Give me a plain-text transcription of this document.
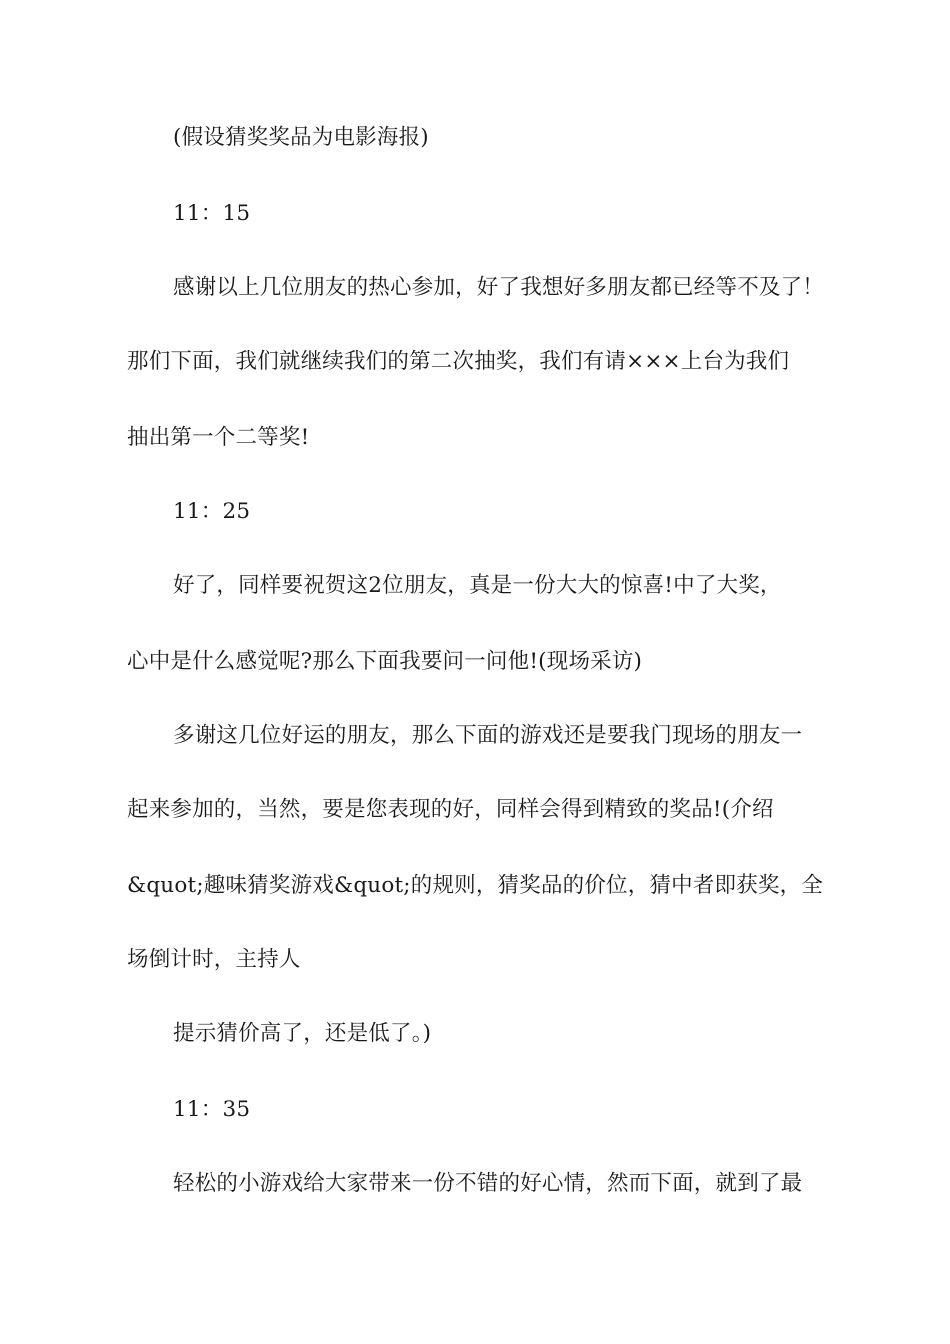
(假设猜奖奖品为电影海报)
11：15
感谢以上几位朋友的热心参加，好了我想好多朋友都已经等不及了！
那们下面，我们就继续我们的第二次抽奖，我们有请×××上台为我们
抽出第一个二等奖!
11：25
好了，同样要祝贺这2位朋友，真是一份大大的惊喜!中了大奖，
心中是什么感觉呢?那么下面我要问一问他!(现场采访)
多谢这几位好运的朋友，那么下面的游戏还是要我门现场的朋友一
起来参加的，当然，要是您表现的好，同样会得到精致的奖品!(介绍
&quot;趣味猜奖游戏&quot;的规则，猜奖品的价位，猜中者即获奖，全
场倒计时，主持人
提示猜价高了，还是低了。)
11：35
轻松的小游戏给大家带来一份不错的好心情，然而下面，就到了最
